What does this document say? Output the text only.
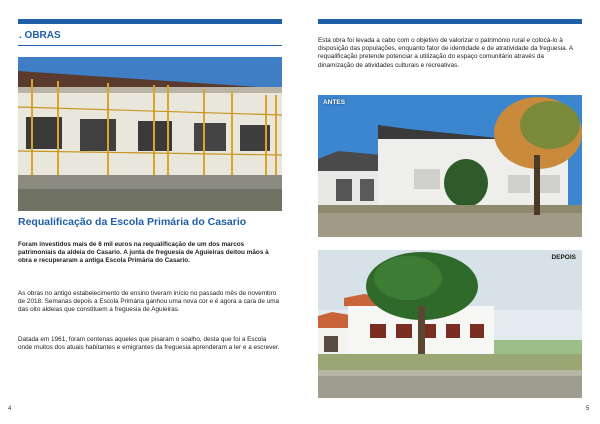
. OBRAS
Requalificação da Escola Primária do Casario

Foram investidos mais de 6 mil euros na requalificação de um dos marcos patrimoniais da aldeia do Casario. A junta de freguesia de Aguieiras deitou mãos à obra e recuperaram a antiga Escola Primária do Casario.

As obras no antigo estabelecimento de ensino tiveram início no passado mês de novembro de 2018. Semanas depois a Escola Primária ganhou uma nova cor e é agora a cara de uma das oito aldeias que constituem a freguesia de Aguieiras.

Datada em 1961, foram centenas aqueles que pisaram o soalho, desta que foi a Escola onde muitos dos atuais habitantes e emigrantes da freguesia aprenderam a ler e a escrever.

4

Esta obra foi levada a cabo com o objetivo de valorizar o património rural e colocá-lo à disposição das populações, enquanto fator de identidade e de atratividade da freguesia. A requalificação pretende potenciar a utilização do espaço comunitário através da dinamização de atividades culturais e recreativas.

ANTES
DEPOIS
5
